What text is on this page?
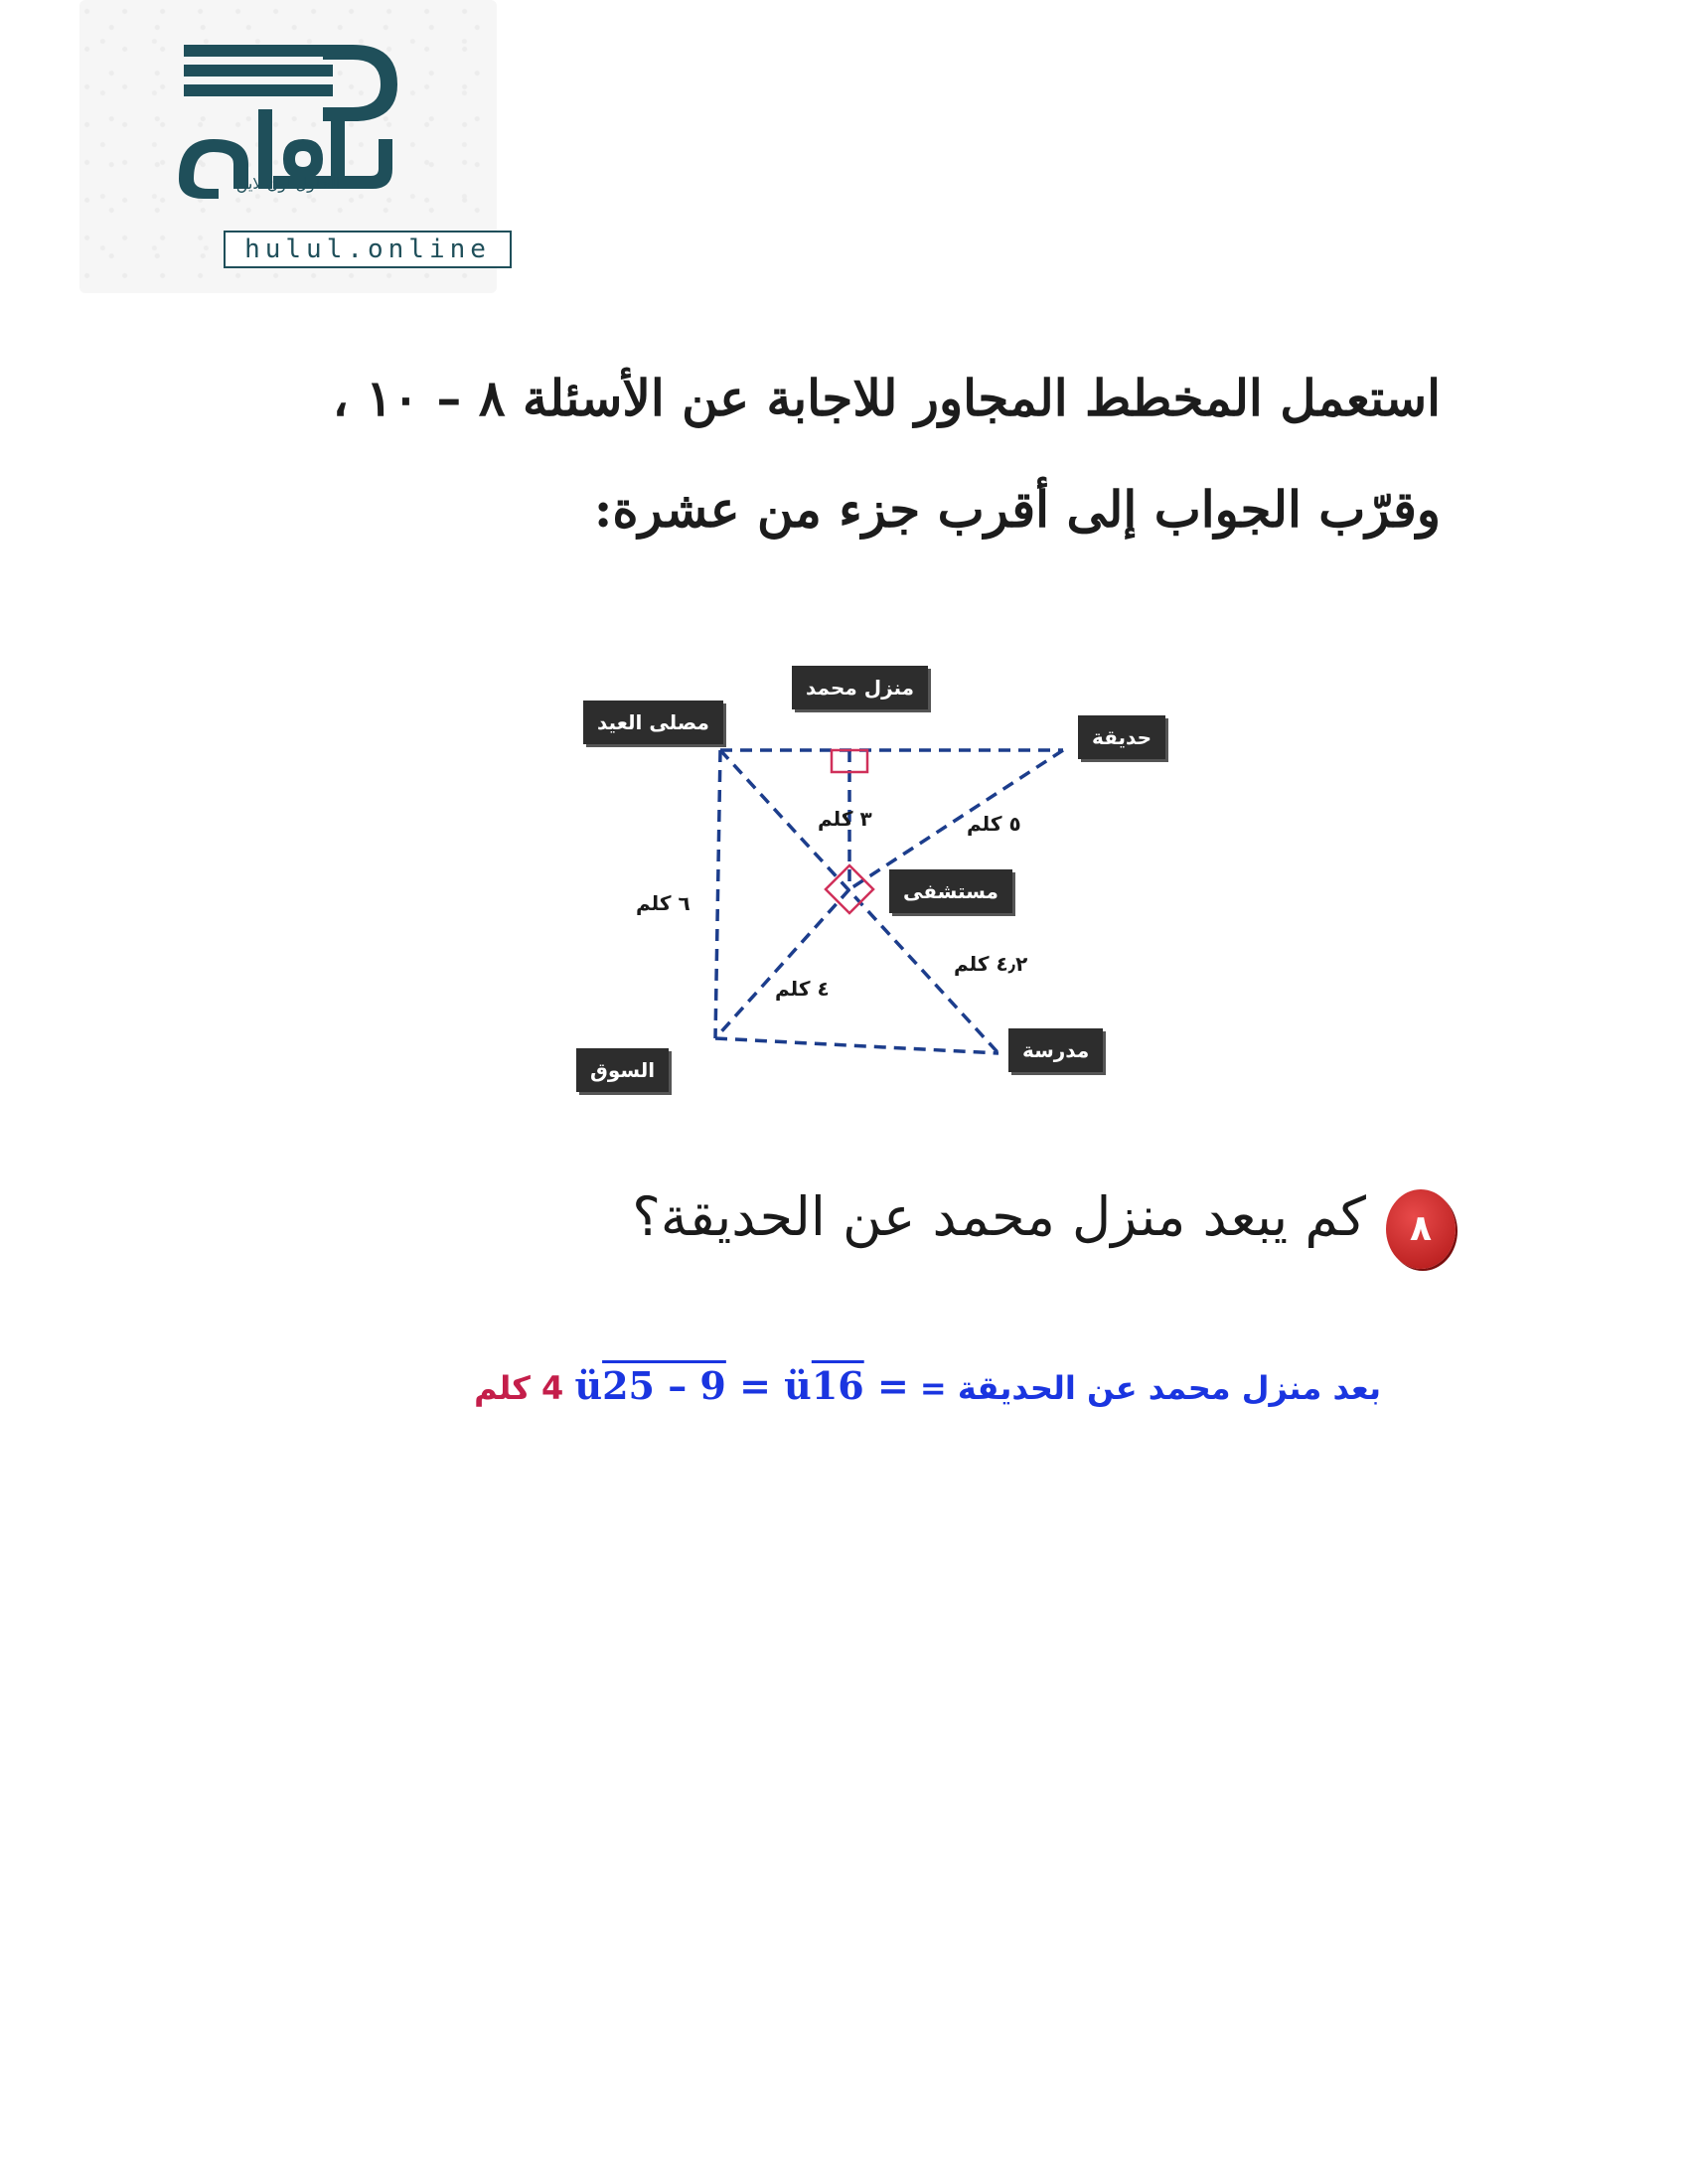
الحلول اون لاين
hulul.online
استعمل المخطط المجاور للاجابة عن الأسئلة ٨ – ١٠ ،
وقرّب الجواب إلى أقرب جزء من عشرة:
منزل محمد
مصلى العيد
حديقة
مستشفى
السوق
مدرسة
٣ كلم	٥ كلم
٦ كلم
٤٫٢ كلم
٤ كلم
٨
كم يبعد منزل محمد عن الحديقة؟
بعد منزل محمد عن الحديقة = ü25 – 9 = ü16 = 4 كلم
